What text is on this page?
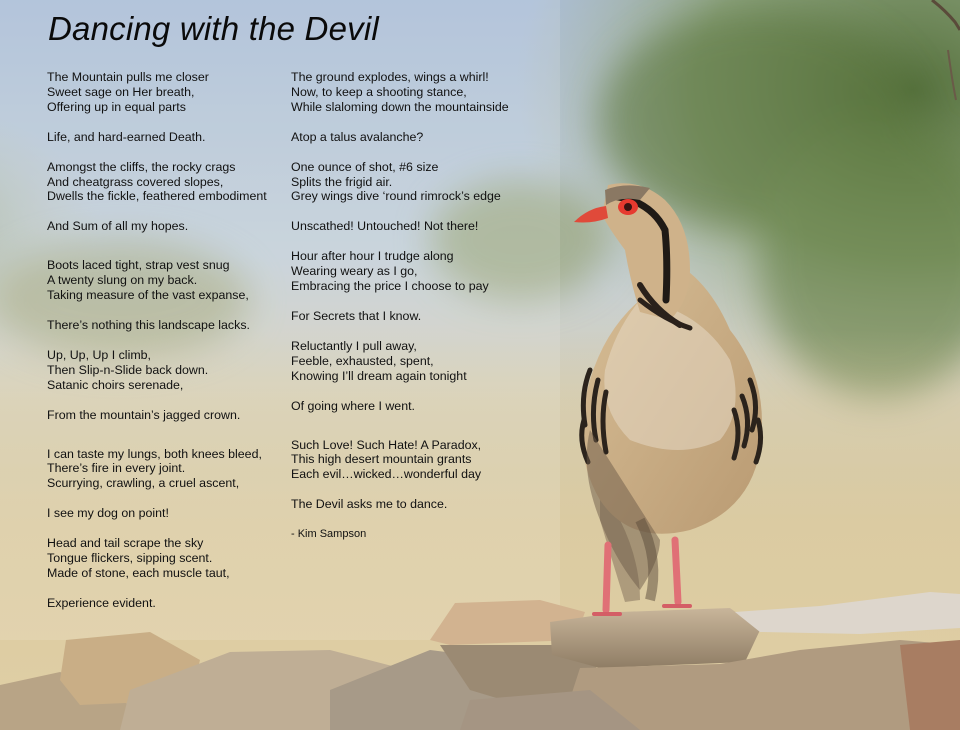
Dancing with the Devil

The Mountain pulls me closer
Sweet sage on Her breath,
Offering up in equal parts

Life, and hard-earned Death.

Amongst the cliffs, the rocky crags
And cheatgrass covered slopes,
Dwells the fickle, feathered embodiment

And Sum of all my hopes.

Boots laced tight, strap vest snug
A twenty slung on my back.
Taking measure of the vast expanse,

There’s nothing this landscape lacks.

Up, Up, Up I climb,
Then Slip-n-Slide back down.
Satanic choirs serenade,

From the mountain’s jagged crown.

I can taste my lungs, both knees bleed,
There’s fire in every joint.
Scurrying, crawling, a cruel ascent,

I see my dog on point!

Head and tail scrape the sky
Tongue flickers, sipping scent.
Made of stone, each muscle taut,

Experience evident.

The ground explodes, wings a whirl!
Now, to keep a shooting stance,
While slaloming down the mountainside

Atop a talus avalanche?

One ounce of shot, #6 size
Splits the frigid air.
Grey wings dive ‘round rimrock’s edge

Unscathed! Untouched! Not there!

Hour after hour I trudge along
Wearing weary as I go,
Embracing the price I choose to pay

For Secrets that I know.

Reluctantly I pull away,
Feeble, exhausted, spent,
Knowing I’ll dream again tonight

Of going where I went.

Such Love! Such Hate! A Paradox,
This high desert mountain grants
Each evil…wicked…wonderful day

The Devil asks me to dance.

- Kim Sampson
